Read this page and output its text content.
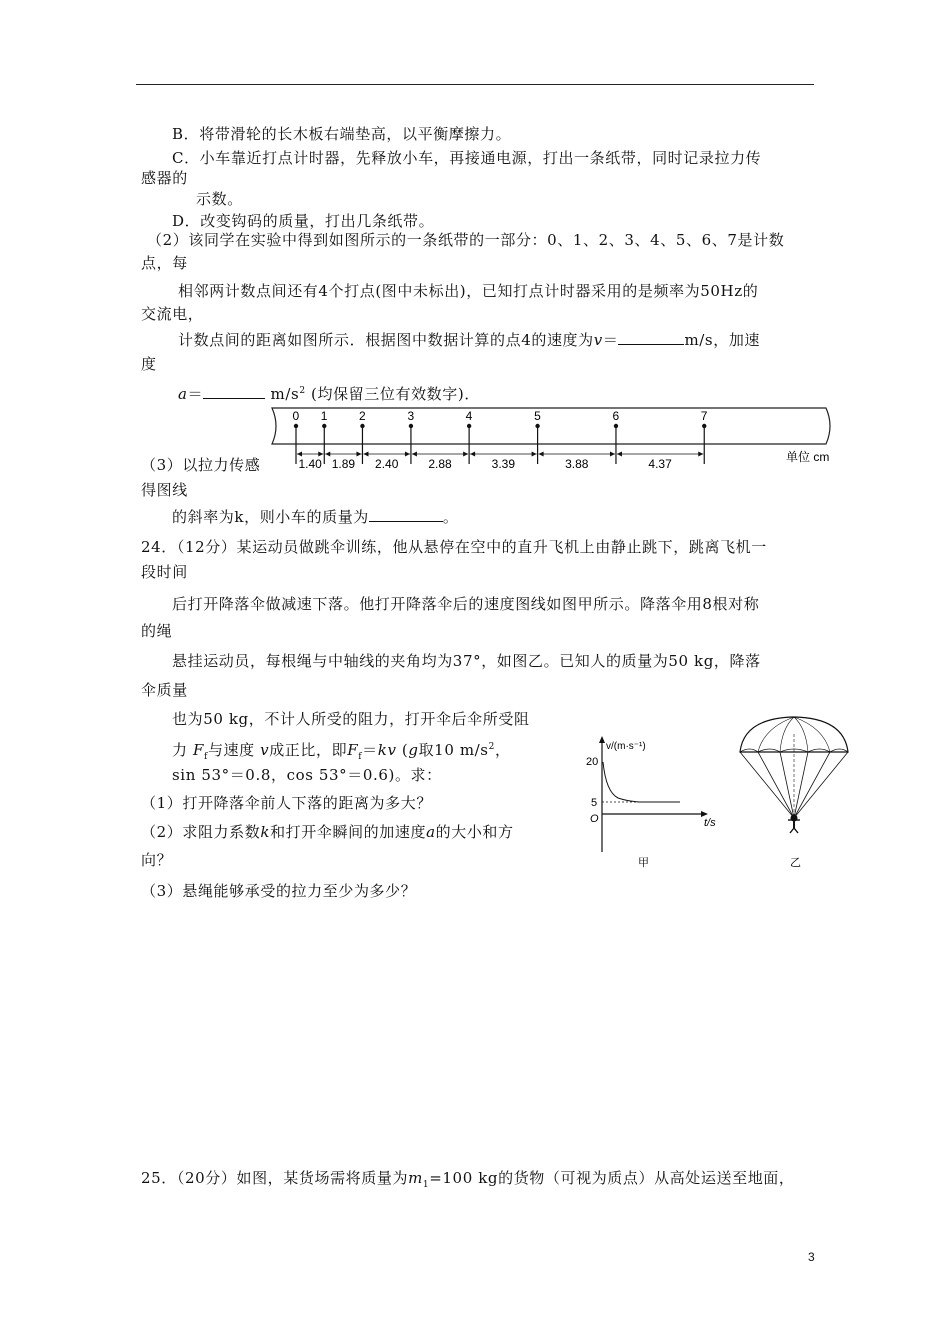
B．将带滑轮的长木板右端垫高，以平衡摩擦力。
C．小车靠近打点计时器，先释放小车，再接通电源，打出一条纸带，同时记录拉力传
感器的
示数。
D．改变钩码的质量，打出几条纸带。
（2）该同学在实验中得到如图所示的一条纸带的一部分：0、1、2、3、4、5、6、7是计数
点，每
相邻两计数点间还有4个打点(图中未标出)，已知打点计时器采用的是频率为50Hz的
交流电，
计数点间的距离如图所示．根据图中数据计算的点4的速度为v＝	m/s，加速
度
a＝	$m/s^2$ (均保留三位有效数字)．
0 1	2	3	4	5	6	7
1.40 1.89 2.40 2.88	3.39	3.88	4.37	单位 cm
（3）以拉力传感
得图线
的斜率为k，则小车的质量为	。
24．（12分）某运动员做跳伞训练，他从悬停在空中的直升飞机上由静止跳下，跳离飞机一
段时间
后打开降落伞做减速下落。他打开降落伞后的速度图线如图甲所示。降落伞用8根对称
的绳
悬挂运动员，每根绳与中轴线的夹角均为37°，如图乙。已知人的质量为50 kg，降落
伞质量
也为50 kg，不计人所受的阻力，打开伞后伞所受阻
力 $F_f$与速度 v成正比，即$F_f=kv$ (g取10 $m/s^2$，
sin 53°＝0.8，cos 53°＝0.6)。求：
（1）打开降落伞前人下落的距离为多大？
（2）求阻力系数k和打开伞瞬间的加速度a的大小和方
向？
（3）悬绳能够承受的拉力至少为多少？
v/(m·s⁻¹)
20
5
O	t/s
甲	乙
25．（20分）如图，某货场需将质量为$m_1=100$ kg的货物（可视为质点）从高处运送至地面，
3
